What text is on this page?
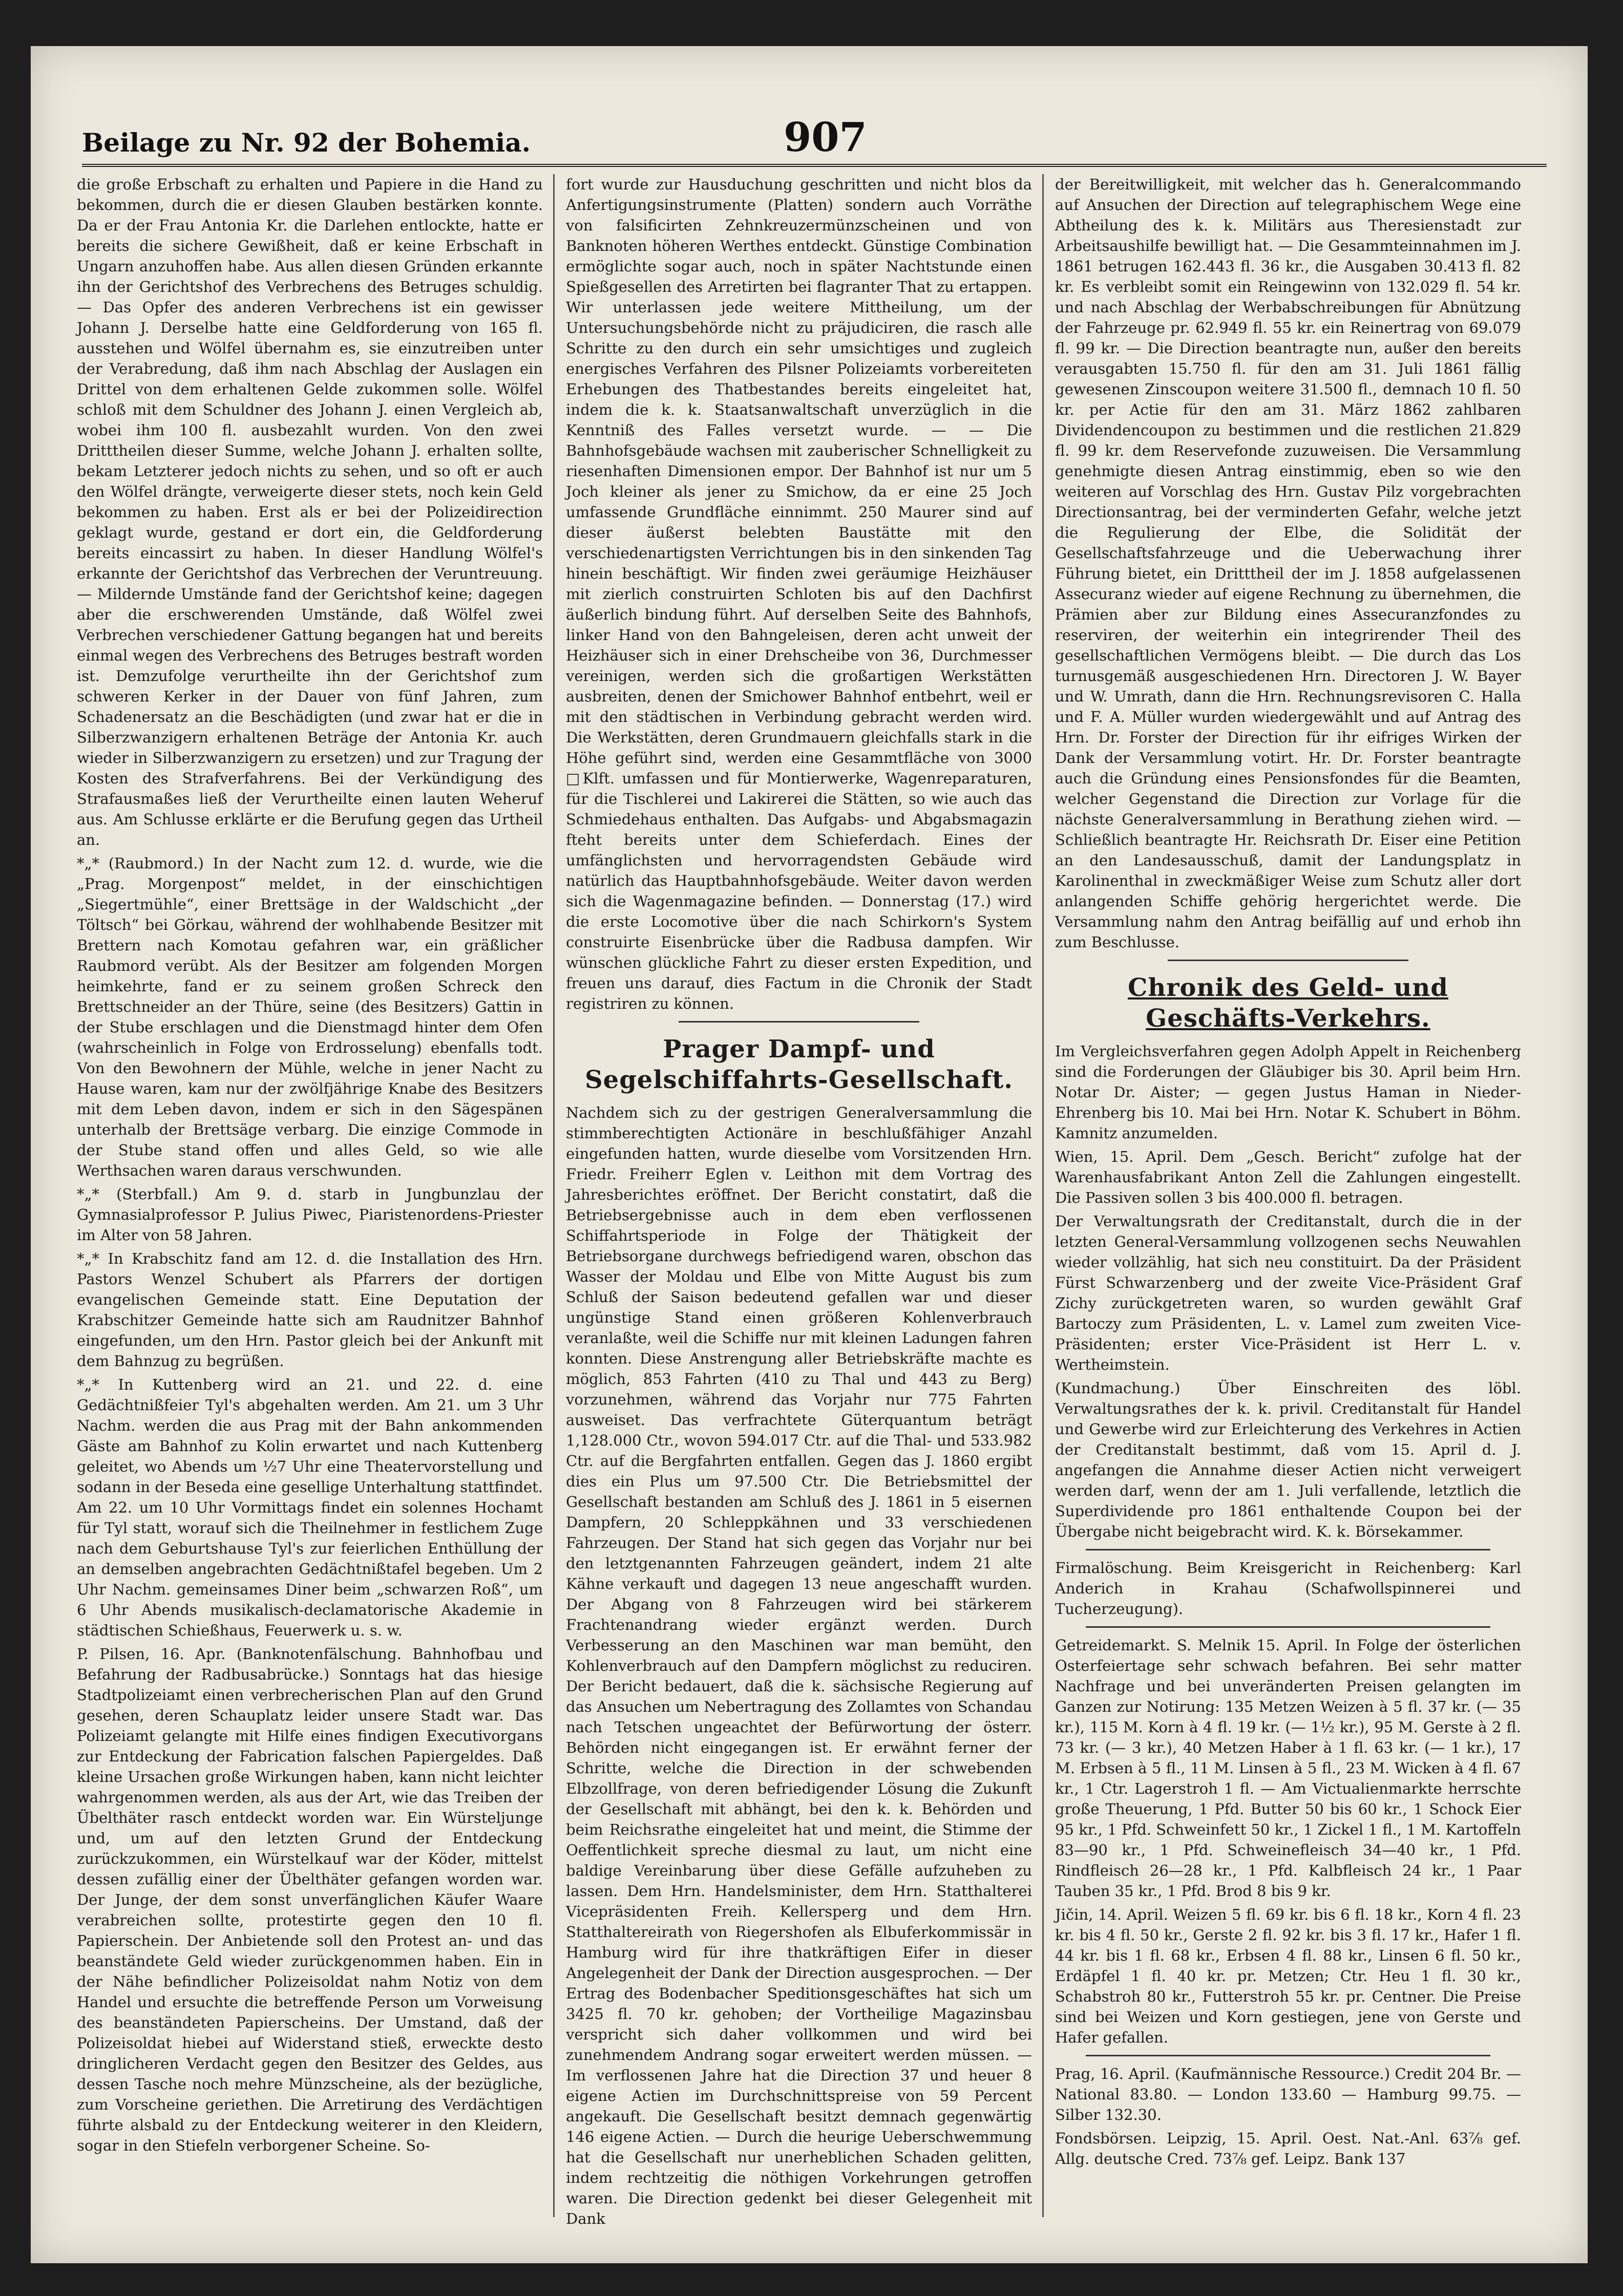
Beilage zu Nr. 92 der Bohemia.	907

die große Erbschaft zu erhalten und Papiere in die Hand zu bekommen, durch die er diesen Glauben bestärken konnte. Da er der Frau Antonia Kr. die Darlehen entlockte, hatte er bereits die sichere Gewißheit, daß er keine Erbschaft in Ungarn anzuhoffen habe. Aus allen diesen Gründen erkannte ihn der Gerichtshof des Verbrechens des Betruges schuldig. — Das Opfer des anderen Verbrechens ist ein gewisser Johann J. Derselbe hatte eine Geldforderung von 165 fl. ausstehen und Wölfel übernahm es, sie einzutreiben unter der Verabredung, daß ihm nach Abschlag der Auslagen ein Drittel von dem erhaltenen Gelde zukommen solle. Wölfel schloß mit dem Schuldner des Johann J. einen Vergleich ab, wobei ihm 100 fl. ausbezahlt wurden. Von den zwei Dritttheilen dieser Summe, welche Johann J. erhalten sollte, bekam Letzterer jedoch nichts zu sehen, und so oft er auch den Wölfel drängte, verweigerte dieser stets, noch kein Geld bekommen zu haben. Erst als er bei der Polizeidirection geklagt wurde, gestand er dort ein, die Geldforderung bereits eincassirt zu haben. In dieser Handlung Wölfel's erkannte der Gerichtshof das Verbrechen der Veruntreuung. — Mildernde Umstände fand der Gerichtshof keine; dagegen aber die erschwerenden Umstände, daß Wölfel zwei Verbrechen verschiedener Gattung begangen hat und bereits einmal wegen des Verbrechens des Betruges bestraft worden ist. Demzufolge verurtheilte ihn der Gerichtshof zum schweren Kerker in der Dauer von fünf Jahren, zum Schadenersatz an die Beschädigten (und zwar hat er die in Silberzwanzigern erhaltenen Beträge der Antonia Kr. auch wieder in Silberzwanzigern zu ersetzen) und zur Tragung der Kosten des Strafverfahrens. Bei der Verkündigung des Strafausmaßes ließ der Verurtheilte einen lauten Weheruf aus. Am Schlusse erklärte er die Berufung gegen das Urtheil an.

*„* (Raubmord.) In der Nacht zum 12. d. wurde, wie die „Prag. Morgenpost“ meldet, in der einschichtigen „Siegertmühle“, einer Brettsäge in der Waldschicht „der Töltsch“ bei Görkau, während der wohlhabende Besitzer mit Brettern nach Komotau gefahren war, ein gräßlicher Raubmord verübt. Als der Besitzer am folgenden Morgen heimkehrte, fand er zu seinem großen Schreck den Brettschneider an der Thüre, seine (des Besitzers) Gattin in der Stube erschlagen und die Dienstmagd hinter dem Ofen (wahrscheinlich in Folge von Erdrosselung) ebenfalls todt. Von den Bewohnern der Mühle, welche in jener Nacht zu Hause waren, kam nur der zwölfjährige Knabe des Besitzers mit dem Leben davon, indem er sich in den Sägespänen unterhalb der Brettsäge verbarg. Die einzige Commode in der Stube stand offen und alles Geld, so wie alle Werthsachen waren daraus verschwunden.

*„* (Sterbfall.) Am 9. d. starb in Jungbunzlau der Gymnasialprofessor P. Julius Piwec, Piaristenordens-Priester im Alter von 58 Jahren.

*„* In Krabschitz fand am 12. d. die Installation des Hrn. Pastors Wenzel Schubert als Pfarrers der dortigen evangelischen Gemeinde statt. Eine Deputation der Krabschitzer Gemeinde hatte sich am Raudnitzer Bahnhof eingefunden, um den Hrn. Pastor gleich bei der Ankunft mit dem Bahnzug zu begrüßen.

*„* In Kuttenberg wird an 21. und 22. d. eine Gedächtnißfeier Tyl's abgehalten werden. Am 21. um 3 Uhr Nachm. werden die aus Prag mit der Bahn ankommenden Gäste am Bahnhof zu Kolin erwartet und nach Kuttenberg geleitet, wo Abends um ½7 Uhr eine Theatervorstellung und sodann in der Beseda eine gesellige Unterhaltung stattfindet. Am 22. um 10 Uhr Vormittags findet ein solennes Hochamt für Tyl statt, worauf sich die Theilnehmer in festlichem Zuge nach dem Geburtshause Tyl's zur feierlichen Enthüllung der an demselben angebrachten Gedächtnißtafel begeben. Um 2 Uhr Nachm. gemeinsames Diner beim „schwarzen Roß“, um 6 Uhr Abends musikalisch-declamatorische Akademie in städtischen Schießhaus, Feuerwerk u. s. w.

P. Pilsen, 16. Apr. (Banknotenfälschung. Bahnhofbau und Befahrung der Radbusabrücke.) Sonntags hat das hiesige Stadtpolizeiamt einen verbrecherischen Plan auf den Grund gesehen, deren Schauplatz leider unsere Stadt war. Das Polizeiamt gelangte mit Hilfe eines findigen Executivorgans zur Entdeckung der Fabrication falschen Papiergeldes. Daß kleine Ursachen große Wirkungen haben, kann nicht leichter wahrgenommen werden, als aus der Art, wie das Treiben der Übelthäter rasch entdeckt worden war. Ein Würsteljunge und, um auf den letzten Grund der Entdeckung zurückzukommen, ein Würstelkauf war der Köder, mittelst dessen zufällig einer der Übelthäter gefangen worden war. Der Junge, der dem sonst unverfänglichen Käufer Waare verabreichen sollte, protestirte gegen den 10 fl. Papierschein. Der Anbietende soll den Protest an- und das beanständete Geld wieder zurückgenommen haben. Ein in der Nähe befindlicher Polizeisoldat nahm Notiz von dem Handel und ersuchte die betreffende Person um Vorweisung des beanständeten Papierscheins. Der Umstand, daß der Polizeisoldat hiebei auf Widerstand stieß, erweckte desto dringlicheren Verdacht gegen den Besitzer des Geldes, aus dessen Tasche noch mehre Münzscheine, als der bezügliche, zum Vorscheine geriethen. Die Arretirung des Verdächtigen führte alsbald zu der Entdeckung weiterer in den Kleidern, sogar in den Stiefeln verborgener Scheine. So-

fort wurde zur Hausduchung geschritten und nicht blos da Anfertigungsinstrumente (Platten) sondern auch Vorräthe von falsificirten Zehnkreuzermünzscheinen und von Banknoten höheren Werthes entdeckt. Günstige Combination ermöglichte sogar auch, noch in später Nachtstunde einen Spießgesellen des Arretirten bei flagranter That zu ertappen. Wir unterlassen jede weitere Mittheilung, um der Untersuchungsbehörde nicht zu präjudiciren, die rasch alle Schritte zu den durch ein sehr umsichtiges und zugleich energisches Verfahren des Pilsner Polizeiamts vorbereiteten Erhebungen des Thatbestandes bereits eingeleitet hat, indem die k. k. Staatsanwaltschaft unverzüglich in die Kenntniß des Falles versetzt wurde. — — Die Bahnhofsgebäude wachsen mit zauberischer Schnelligkeit zu riesenhaften Dimensionen empor. Der Bahnhof ist nur um 5 Joch kleiner als jener zu Smichow, da er eine 25 Joch umfassende Grundfläche einnimmt. 250 Maurer sind auf dieser äußerst belebten Baustätte mit den verschiedenartigsten Verrichtungen bis in den sinkenden Tag hinein beschäftigt. Wir finden zwei geräumige Heizhäuser mit zierlich construirten Schloten bis auf den Dachfirst äußerlich bindung führt. Auf derselben Seite des Bahnhofs, linker Hand von den Bahngeleisen, deren acht unweit der Heizhäuser sich in einer Drehscheibe von 36, Durchmesser vereinigen, werden sich die großartigen Werkstätten ausbreiten, denen der Smichower Bahnhof entbehrt, weil er mit den städtischen in Verbindung gebracht werden wird. Die Werkstätten, deren Grundmauern gleichfalls stark in die Höhe geführt sind, werden eine Gesammtfläche von 3000 □Klft. umfassen und für Montierwerke, Wagenreparaturen, für die Tischlerei und Lakirerei die Stätten, so wie auch das Schmiedehaus enthalten. Das Aufgabs- und Abgabsmagazin fteht bereits unter dem Schieferdach. Eines der umfänglichsten und hervorragendsten Gebäude wird natürlich das Hauptbahnhofsgebäude. Weiter davon werden sich die Wagenmagazine befinden. — Donnerstag (17.) wird die erste Locomotive über die nach Schirkorn's System construirte Eisenbrücke über die Radbusa dampfen. Wir wünschen glückliche Fahrt zu dieser ersten Expedition, und freuen uns darauf, dies Factum in die Chronik der Stadt registriren zu können.

Prager Dampf- und Segelschiffahrts-Gesellschaft.

Nachdem sich zu der gestrigen Generalversammlung die stimmberechtigten Actionäre in beschlußfähiger Anzahl eingefunden hatten, wurde dieselbe vom Vorsitzenden Hrn. Friedr. Freiherr Eglen v. Leithon mit dem Vortrag des Jahresberichtes eröffnet. Der Bericht constatirt, daß die Betriebsergebnisse auch in dem eben verflossenen Schiffahrtsperiode in Folge der Thätigkeit der Betriebsorgane durchwegs befriedigend waren, obschon das Wasser der Moldau und Elbe von Mitte August bis zum Schluß der Saison bedeutend gefallen war und dieser ungünstige Stand einen größeren Kohlenverbrauch veranlaßte, weil die Schiffe nur mit kleinen Ladungen fahren konnten. Diese Anstrengung aller Betriebskräfte machte es möglich, 853 Fahrten (410 zu Thal und 443 zu Berg) vorzunehmen, während das Vorjahr nur 775 Fahrten ausweiset. Das verfrachtete Güterquantum beträgt 1,128.000 Ctr., wovon 594.017 Ctr. auf die Thal- und 533.982 Ctr. auf die Bergfahrten entfallen. Gegen das J. 1860 ergibt dies ein Plus um 97.500 Ctr. Die Betriebsmittel der Gesellschaft bestanden am Schluß des J. 1861 in 5 eisernen Dampfern, 20 Schleppkähnen und 33 verschiedenen Fahrzeugen. Der Stand hat sich gegen das Vorjahr nur bei den letztgenannten Fahrzeugen geändert, indem 21 alte Kähne verkauft und dagegen 13 neue angeschafft wurden. Der Abgang von 8 Fahrzeugen wird bei stärkerem Frachtenandrang wieder ergänzt werden. Durch Verbesserung an den Maschinen war man bemüht, den Kohlenverbrauch auf den Dampfern möglichst zu reduciren. Der Bericht bedauert, daß die k. sächsische Regierung auf das Ansuchen um Nebertragung des Zollamtes von Schandau nach Tetschen ungeachtet der Befürwortung der österr. Behörden nicht eingegangen ist. Er erwähnt ferner der Schritte, welche die Direction in der schwebenden Elbzollfrage, von deren befriedigender Lösung die Zukunft der Gesellschaft mit abhängt, bei den k. k. Behörden und beim Reichsrathe eingeleitet hat und meint, die Stimme der Oeffentlichkeit spreche diesmal zu laut, um nicht eine baldige Vereinbarung über diese Gefälle aufzuheben zu lassen. Dem Hrn. Handelsminister, dem Hrn. Statthalterei Vicepräsidenten Freih. Kellersperg und dem Hrn. Statthaltereirath von Riegershofen als Elbuferkommissär in Hamburg wird für ihre thatkräftigen Eifer in dieser Angelegenheit der Dank der Direction ausgesprochen. — Der Ertrag des Bodenbacher Speditionsgeschäftes hat sich um 3425 fl. 70 kr. gehoben; der Vortheilige Magazinsbau verspricht sich daher vollkommen und wird bei zunehmendem Andrang sogar erweitert werden müssen. — Im verflossenen Jahre hat die Direction 37 und heuer 8 eigene Actien im Durchschnittspreise von 59 Percent angekauft. Die Gesellschaft besitzt demnach gegenwärtig 146 eigene Actien. — Durch die heurige Ueberschwemmung hat die Gesellschaft nur unerheblichen Schaden gelitten, indem rechtzeitig die nöthigen Vorkehrungen getroffen waren. Die Direction gedenkt bei dieser Gelegenheit mit Dank

der Bereitwilligkeit, mit welcher das h. Generalcommando auf Ansuchen der Direction auf telegraphischem Wege eine Abtheilung des k. k. Militärs aus Theresienstadt zur Arbeitsaushilfe bewilligt hat. — Die Gesammteinnahmen im J. 1861 betrugen 162.443 fl. 36 kr., die Ausgaben 30.413 fl. 82 kr. Es verbleibt somit ein Reingewinn von 132.029 fl. 54 kr. und nach Abschlag der Werbabschreibungen für Abnützung der Fahrzeuge pr. 62.949 fl. 55 kr. ein Reinertrag von 69.079 fl. 99 kr. — Die Direction beantragte nun, außer den bereits verausgabten 15.750 fl. für den am 31. Juli 1861 fällig gewesenen Zinscoupon weitere 31.500 fl., demnach 10 fl. 50 kr. per Actie für den am 31. März 1862 zahlbaren Dividendencoupon zu bestimmen und die restlichen 21.829 fl. 99 kr. dem Reservefonde zuzuweisen. Die Versammlung genehmigte diesen Antrag einstimmig, eben so wie den weiteren auf Vorschlag des Hrn. Gustav Pilz vorgebrachten Directionsantrag, bei der verminderten Gefahr, welche jetzt die Regulierung der Elbe, die Solidität der Gesellschaftsfahrzeuge und die Ueberwachung ihrer Führung bietet, ein Dritttheil der im J. 1858 aufgelassenen Assecuranz wieder auf eigene Rechnung zu übernehmen, die Prämien aber zur Bildung eines Assecuranzfondes zu reserviren, der weiterhin ein integrirender Theil des gesellschaftlichen Vermögens bleibt. — Die durch das Los turnusgemäß ausgeschiedenen Hrn. Directoren J. W. Bayer und W. Umrath, dann die Hrn. Rechnungsrevisoren C. Halla und F. A. Müller wurden wiedergewählt und auf Antrag des Hrn. Dr. Forster der Direction für ihr eifriges Wirken der Dank der Versammlung votirt. Hr. Dr. Forster beantragte auch die Gründung eines Pensionsfondes für die Beamten, welcher Gegenstand die Direction zur Vorlage für die nächste Generalversammlung in Berathung ziehen wird. — Schließlich beantragte Hr. Reichsrath Dr. Eiser eine Petition an den Landesausschuß, damit der Landungsplatz in Karolinenthal in zweckmäßiger Weise zum Schutz aller dort anlangenden Schiffe gehörig hergerichtet werde. Die Versammlung nahm den Antrag beifällig auf und erhob ihn zum Beschlusse.

Chronik des Geld- und Geschäfts-Verkehrs.

Im Vergleichsverfahren gegen Adolph Appelt in Reichenberg sind die Forderungen der Gläubiger bis 30. April beim Hrn. Notar Dr. Aister; — gegen Justus Haman in Nieder-Ehrenberg bis 10. Mai bei Hrn. Notar K. Schubert in Böhm. Kamnitz anzumelden.

Wien, 15. April. Dem „Gesch. Bericht“ zufolge hat der Warenhausfabrikant Anton Zell die Zahlungen eingestellt. Die Passiven sollen 3 bis 400.000 fl. betragen.

Der Verwaltungsrath der Creditanstalt, durch die in der letzten General-Versammlung vollzogenen sechs Neuwahlen wieder vollzählig, hat sich neu constituirt. Da der Präsident Fürst Schwarzenberg und der zweite Vice-Präsident Graf Zichy zurückgetreten waren, so wurden gewählt Graf Bartoczy zum Präsidenten, L. v. Lamel zum zweiten Vice-Präsidenten; erster Vice-Präsident ist Herr L. v. Wertheimstein.

(Kundmachung.) Über Einschreiten des löbl. Verwaltungsrathes der k. k. privil. Creditanstalt für Handel und Gewerbe wird zur Erleichterung des Verkehres in Actien der Creditanstalt bestimmt, daß vom 15. April d. J. angefangen die Annahme dieser Actien nicht verweigert werden darf, wenn der am 1. Juli verfallende, letztlich die Superdividende pro 1861 enthaltende Coupon bei der Übergabe nicht beigebracht wird. K. k. Börsekammer.

Firmalöschung. Beim Kreisgericht in Reichenberg: Karl Anderich in Krahau (Schafwollspinnerei und Tucherzeugung).

Getreidemarkt. S. Melnik 15. April. In Folge der österlichen Osterfeiertage sehr schwach befahren. Bei sehr matter Nachfrage und bei unveränderten Preisen gelangten im Ganzen zur Notirung: 135 Metzen Weizen à 5 fl. 37 kr. (— 35 kr.), 115 M. Korn à 4 fl. 19 kr. (— 1½ kr.), 95 M. Gerste à 2 fl. 73 kr. (— 3 kr.), 40 Metzen Haber à 1 fl. 63 kr. (— 1 kr.), 17 M. Erbsen à 5 fl., 11 M. Linsen à 5 fl., 23 M. Wicken à 4 fl. 67 kr., 1 Ctr. Lagerstroh 1 fl. — Am Victualienmarkte herrschte große Theuerung, 1 Pfd. Butter 50 bis 60 kr., 1 Schock Eier 95 kr., 1 Pfd. Schweinfett 50 kr., 1 Zickel 1 fl., 1 M. Kartoffeln 83—90 kr., 1 Pfd. Schweinefleisch 34—40 kr., 1 Pfd. Rindfleisch 26—28 kr., 1 Pfd. Kalbfleisch 24 kr., 1 Paar Tauben 35 kr., 1 Pfd. Brod 8 bis 9 kr.

Jičin, 14. April. Weizen 5 fl. 69 kr. bis 6 fl. 18 kr., Korn 4 fl. 23 kr. bis 4 fl. 50 kr., Gerste 2 fl. 92 kr. bis 3 fl. 17 kr., Hafer 1 fl. 44 kr. bis 1 fl. 68 kr., Erbsen 4 fl. 88 kr., Linsen 6 fl. 50 kr., Erdäpfel 1 fl. 40 kr. pr. Metzen; Ctr. Heu 1 fl. 30 kr., Schabstroh 80 kr., Futterstroh 55 kr. pr. Centner. Die Preise sind bei Weizen und Korn gestiegen, jene von Gerste und Hafer gefallen.

Prag, 16. April. (Kaufmännische Ressource.) Credit 204 Br. — National 83.80. — London 133.60 — Hamburg 99.75. — Silber 132.30.

Fondsbörsen. Leipzig, 15. April. Oest. Nat.-Anl. 63⅞ gef. Allg. deutsche Cred. 73⅞ gef. Leipz. Bank 137
